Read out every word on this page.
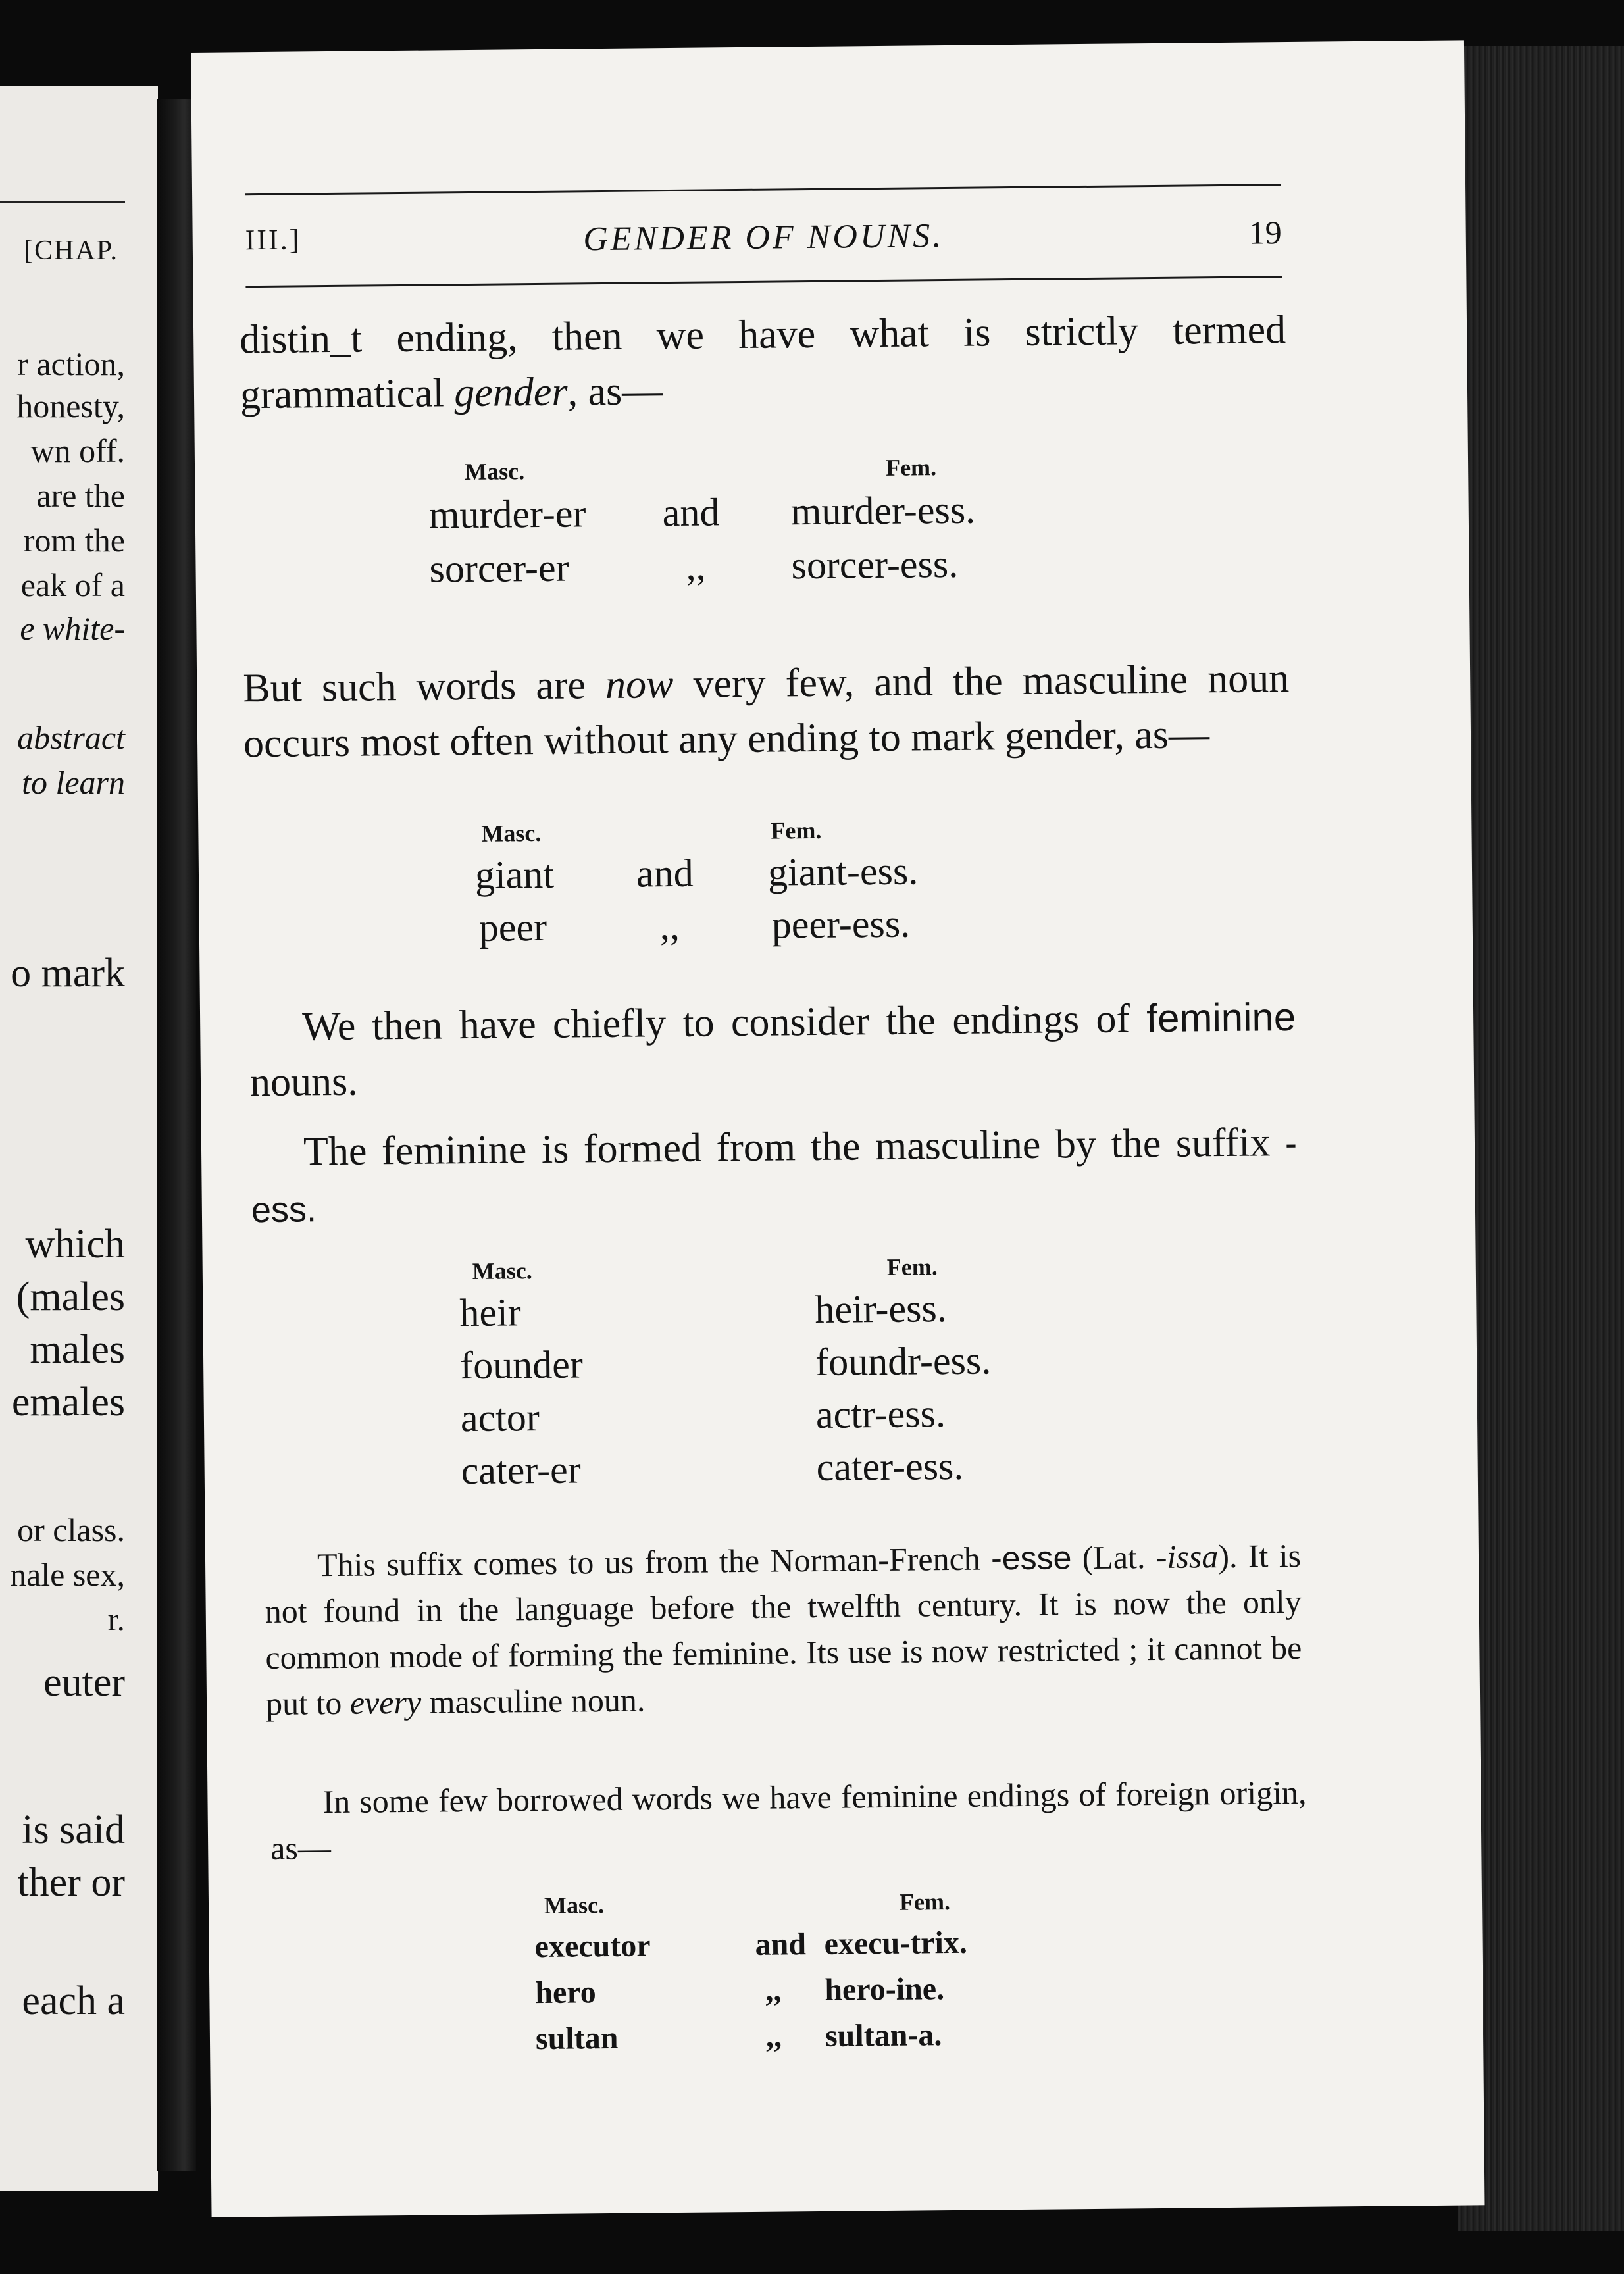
[CHAP.
r action,
honesty,
wn off.
are the
rom the
eak of a
e white-
abstract
to learn
o mark
which
(males
males
emales
or class.
nale sex,
r.
euter
is said
ther or
each a
III.]	GENDER OF NOUNS.	19
distin_t ending, then we have what is strictly termed
grammatical gender, as—
Masc.	Fem.
murder-er and murder-ess.
sorcer-er	,, sorcer-ess.
But such words are now very few, and the masculine noun occurs most often without any ending to mark gender, as—
Masc.	Fem.
giant and giant-ess.
peer	,, peer-ess.
We then have chiefly to consider the endings of feminine nouns.
The feminine is formed from the masculine by the suffix -ess.
Masc.	Fem.
heir	heir-ess.
founder	foundr-ess.
actor	actr-ess.
cater-er	cater-ess.
This suffix comes to us from the Norman-French -esse (Lat. -issa). It is not found in the language before the twelfth century. It is now the only common mode of forming the feminine. Its use is now restricted ; it cannot be put to every masculine noun.
In some few borrowed words we have feminine endings of foreign origin, as—
Masc.	Fem.
executor	and execu-trix.
hero	,, hero-ine.
sultan	,, sultan-a.
